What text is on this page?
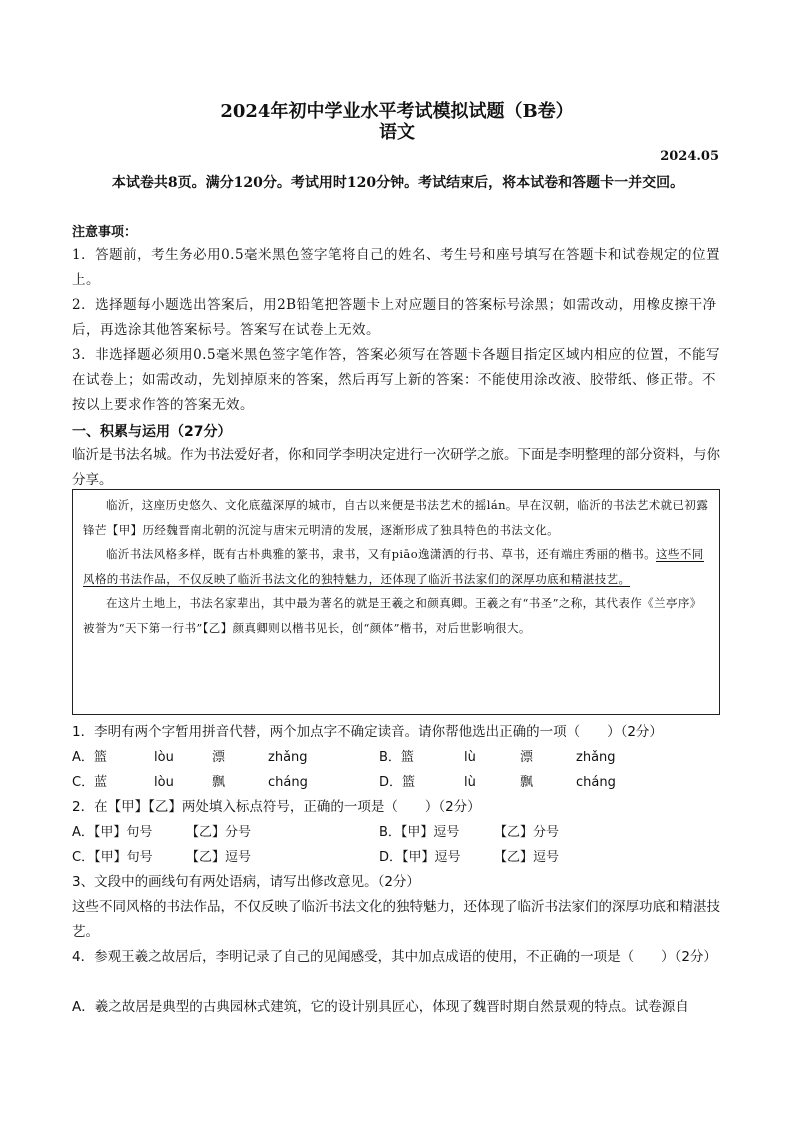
2024年初中学业水平考试模拟试题（B卷）
语文
2024.05
本试卷共8页。满分120分。考试用时120分钟。考试结束后，将本试卷和答题卡一并交回。
注意事项：
1．答题前，考生务必用0.5毫米黑色签字笔将自己的姓名、考生号和座号填写在答题卡和试卷规定的位置上。
2．选择题每小题选出答案后，用2B铅笔把答题卡上对应题目的答案标号涂黑；如需改动，用橡皮擦干净后，再选涂其他答案标号。答案写在试卷上无效。
3．非选择题必须用0.5毫米黑色签字笔作答，答案必须写在答题卡各题目指定区域内相应的位置，不能写在试卷上；如需改动，先划掉原来的答案，然后再写上新的答案：不能使用涂改液、胶带纸、修正带。不按以上要求作答的答案无效。
一、积累与运用（27分）
临沂是书法名城。作为书法爱好者，你和同学李明决定进行一次研学之旅。下面是李明整理的部分资料，与你分享。

临沂，这座历史悠久、文化底蕴深厚的城市，自古以来便是书法艺术的摇lán。早在汉朝，临沂的书法艺术就已初露锋芒【甲】历经魏晋南北朝的沉淀与唐宋元明清的发展，逐渐形成了独具特色的书法文化。

临沂书法风格多样，既有古朴典雅的篆书，隶书，又有piāo逸潇洒的行书、草书，还有端庄秀丽的楷书。这些不同风格的书法作品，不仅反映了临沂书法文化的独特魅力，还体现了临沂书法家们的深厚功底和精湛技艺。

在这片土地上，书法名家辈出，其中最为著名的就是王羲之和颜真卿。王羲之有“书圣”之称，其代表作《兰亭序》被誉为“天下第一行书”【乙】颜真卿则以楷书见长，创“颜体”楷书，对后世影响很大。

1．李明有两个字暂用拼音代替，两个加点字不确定读音。请你帮他选出正确的一项（　　）（2分）
A．篮	lòu	漂	zhǎng	B．篮	lù	漂	zhǎng
C．蓝	lòu	飘	cháng	D．篮	lù	飘	cháng
2．在【甲】【乙】两处填入标点符号，正确的一项是（　　）（2分）
A．【甲】句号	【乙】分号	B．【甲】逗号	【乙】分号
C．【甲】句号	【乙】逗号	D．【甲】逗号	【乙】逗号
3、文段中的画线句有两处语病，请写出修改意见。（2分）
这些不同风格的书法作品，不仅反映了临沂书法文化的独特魅力，还体现了临沂书法家们的深厚功底和精湛技艺。
4．参观王羲之故居后，李明记录了自己的见闻感受，其中加点成语的使用，不正确的一项是（　　）（2分）
A．羲之故居是典型的古典园林式建筑，它的设计别具匠心，体现了魏晋时期自然景观的特点。试卷源自
